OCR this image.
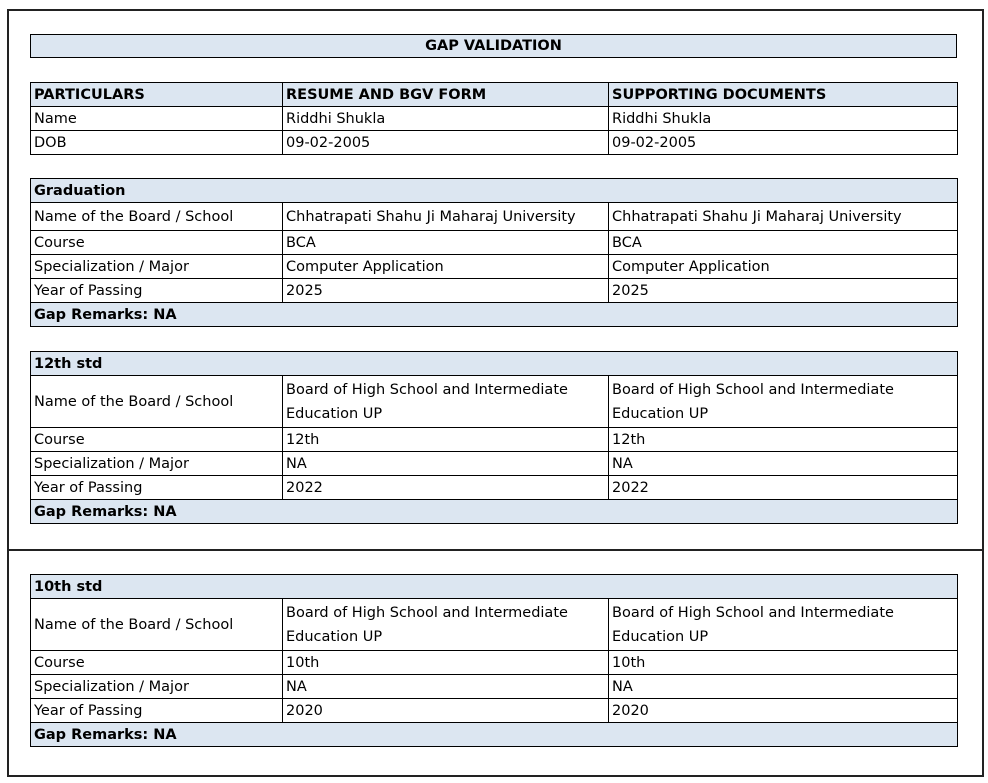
GAP VALIDATION
PARTICULARS	RESUME AND BGV FORM	SUPPORTING DOCUMENTS
Name	Riddhi Shukla	Riddhi Shukla
DOB	09-02-2005	09-02-2005
Graduation		
Name of the Board / School	Chhatrapati Shahu Ji Maharaj University	Chhatrapati Shahu Ji Maharaj University
Course	BCA	BCA
Specialization / Major	Computer Application	Computer Application
Year of Passing	2025	2025
Gap Remarks: NA		
12th std		
Name of the Board / School	Board of High School and Intermediate Education UP	Board of High School and Intermediate Education UP
Course	12th	12th
Specialization / Major	NA	NA
Year of Passing	2022	2022
Gap Remarks: NA		
10th std		
Name of the Board / School	Board of High School and Intermediate Education UP	Board of High School and Intermediate Education UP
Course	10th	10th
Specialization / Major	NA	NA
Year of Passing	2020	2020
Gap Remarks: NA		
